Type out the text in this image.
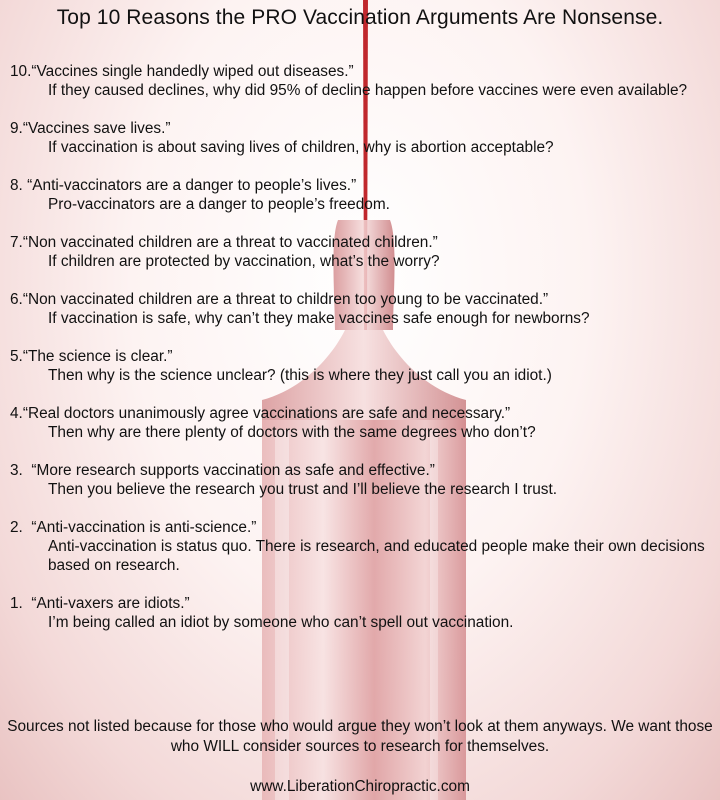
Top 10 Reasons the PRO Vaccination Arguments Are Nonsense.
10. “Vaccines single handedly wiped out diseases.”
If they caused declines, why did 95% of decline happen before vaccines were even available?
9. “Vaccines save lives.”
If vaccination is about saving lives of children, why is abortion acceptable?
8. “Anti-vaccinators are a danger to people’s lives.”
Pro-vaccinators are a danger to people’s freedom.
7. “Non vaccinated children are a threat to vaccinated children.”
If children are protected by vaccination, what’s the worry?
6. “Non vaccinated children are a threat to children too young to be vaccinated.”
If vaccination is safe, why can’t they make vaccines safe enough for newborns?
5. “The science is clear.”
Then why is the science unclear? (this is where they just call you an idiot.)
4. “Real doctors unanimously agree vaccinations are safe and necessary.”
Then why are there plenty of doctors with the same degrees who don’t?
3. “More research supports vaccination as safe and effective.”
Then you believe the research you trust and I’ll believe the research I trust.
2. “Anti-vaccination is anti-science.”
Anti-vaccination is status quo. There is research, and educated people make their own decisions based on research.
1. “Anti-vaxers are idiots.”
I’m being called an idiot by someone who can’t spell out vaccination.
Sources not listed because for those who would argue they won’t look at them anyways. We want those who WILL consider sources to research for themselves.
www.LiberationChiropractic.com
